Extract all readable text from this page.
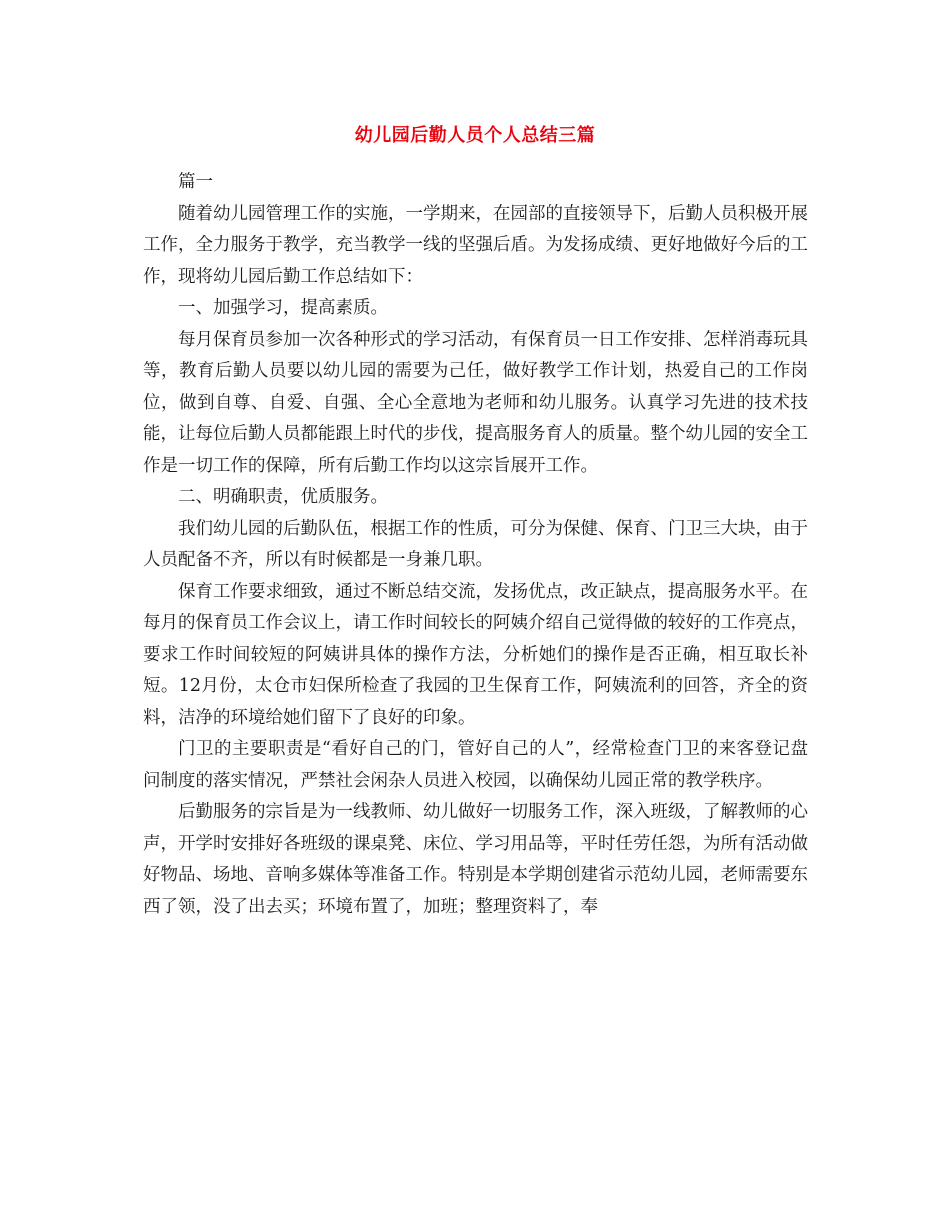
幼儿园后勤人员个人总结三篇

篇一

随着幼儿园管理工作的实施，一学期来，在园部的直接领导下，后勤人员积极开展工作，全力服务于教学，充当教学一线的坚强后盾。为发扬成绩、更好地做好今后的工作，现将幼儿园后勤工作总结如下：

一、加强学习，提高素质。

每月保育员参加一次各种形式的学习活动，有保育员一日工作安排、怎样消毒玩具等，教育后勤人员要以幼儿园的需要为己任，做好教学工作计划，热爱自己的工作岗位，做到自尊、自爱、自强、全心全意地为老师和幼儿服务。认真学习先进的技术技能，让每位后勤人员都能跟上时代的步伐，提高服务育人的质量。整个幼儿园的安全工作是一切工作的保障，所有后勤工作均以这宗旨展开工作。

二、明确职责，优质服务。

我们幼儿园的后勤队伍，根据工作的性质，可分为保健、保育、门卫三大块，由于人员配备不齐，所以有时候都是一身兼几职。

保育工作要求细致，通过不断总结交流，发扬优点，改正缺点，提高服务水平。在每月的保育员工作会议上，请工作时间较长的阿姨介绍自己觉得做的较好的工作亮点，要求工作时间较短的阿姨讲具体的操作方法，分析她们的操作是否正确，相互取长补短。12月份，太仓市妇保所检查了我园的卫生保育工作，阿姨流利的回答，齐全的资料，洁净的环境给她们留下了良好的印象。

门卫的主要职责是“看好自己的门，管好自己的人”，经常检查门卫的来客登记盘问制度的落实情况，严禁社会闲杂人员进入校园，以确保幼儿园正常的教学秩序。

后勤服务的宗旨是为一线教师、幼儿做好一切服务工作，深入班级，了解教师的心声，开学时安排好各班级的课桌凳、床位、学习用品等，平时任劳任怨，为所有活动做好物品、场地、音响多媒体等准备工作。特别是本学期创建省示范幼儿园，老师需要东西了领，没了出去买；环境布置了，加班；整理资料了，奉
